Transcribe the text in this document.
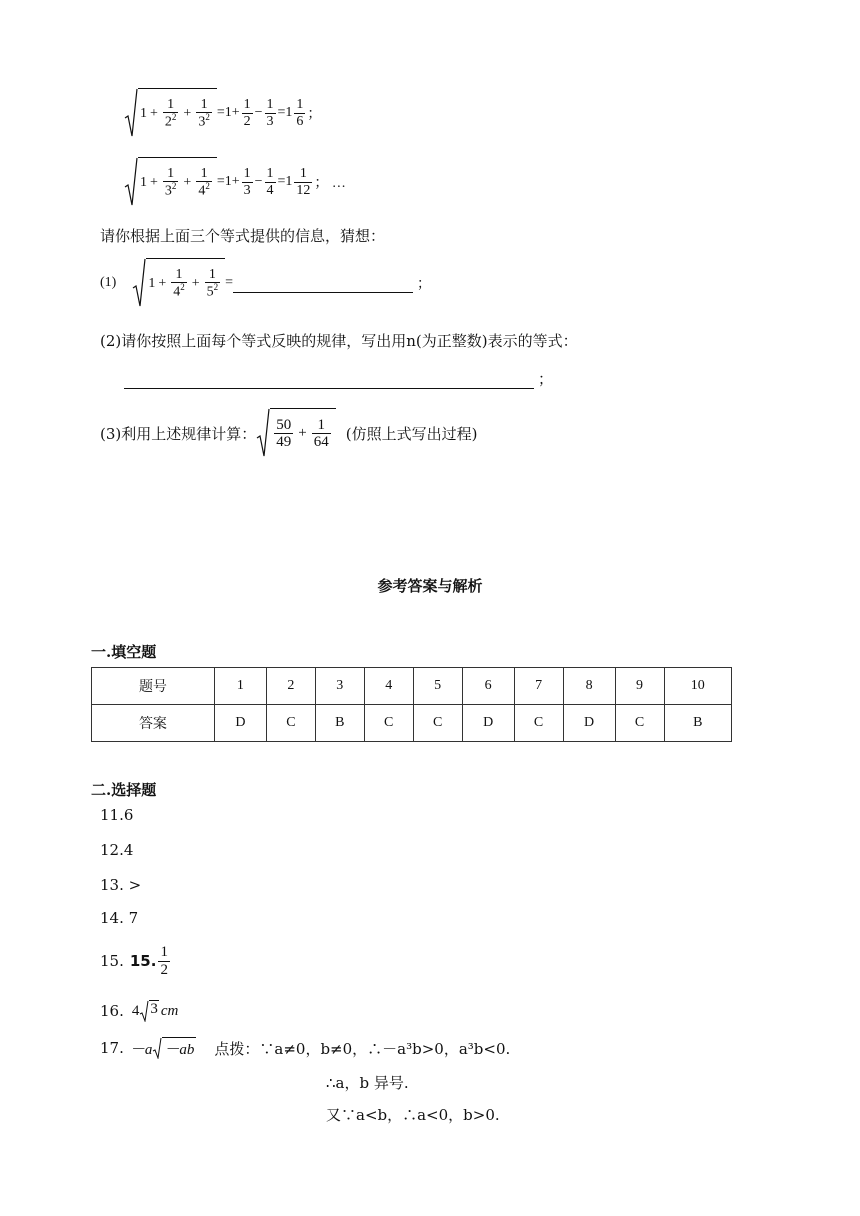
$1 + \frac{1}{2^2} + \frac{1}{3^2} =1+ \frac{1}{2} - \frac{1}{3} =1 \frac{1}{6}$ ；
$1 + \frac{1}{3^2} + \frac{1}{4^2} =1+ \frac{1}{3} - \frac{1}{4} =1 \frac{1}{12}$ ； …
请你根据上面三个等式提供的信息，猜想：
(1) $1 + \frac{1}{4^2} + \frac{1}{5^2}$ =	；
(2)请你按照上面每个等式反映的规律，写出用n(为正整数)表示的等式：
；
(3)利用上述规律计算： $\frac{50}{49} + \frac{1}{64}$ (仿照上式写出过程)
参考答案与解析
一.填空题
题号	1	2	3	4	5	6	7	8	9	10
答案	D	C	B	C	C	D	C	D	C	B
二.选择题
11.6
12.4
13. >
14. 7
15. 15. $\frac{1}{2}$
16. 4 3 cm
17. －a －ab 点拨：∵a≠0，b≠0，∴－a³b>0，a³b<0.
∴a，b 异号.
又∵a<b，∴a<0，b>0.
